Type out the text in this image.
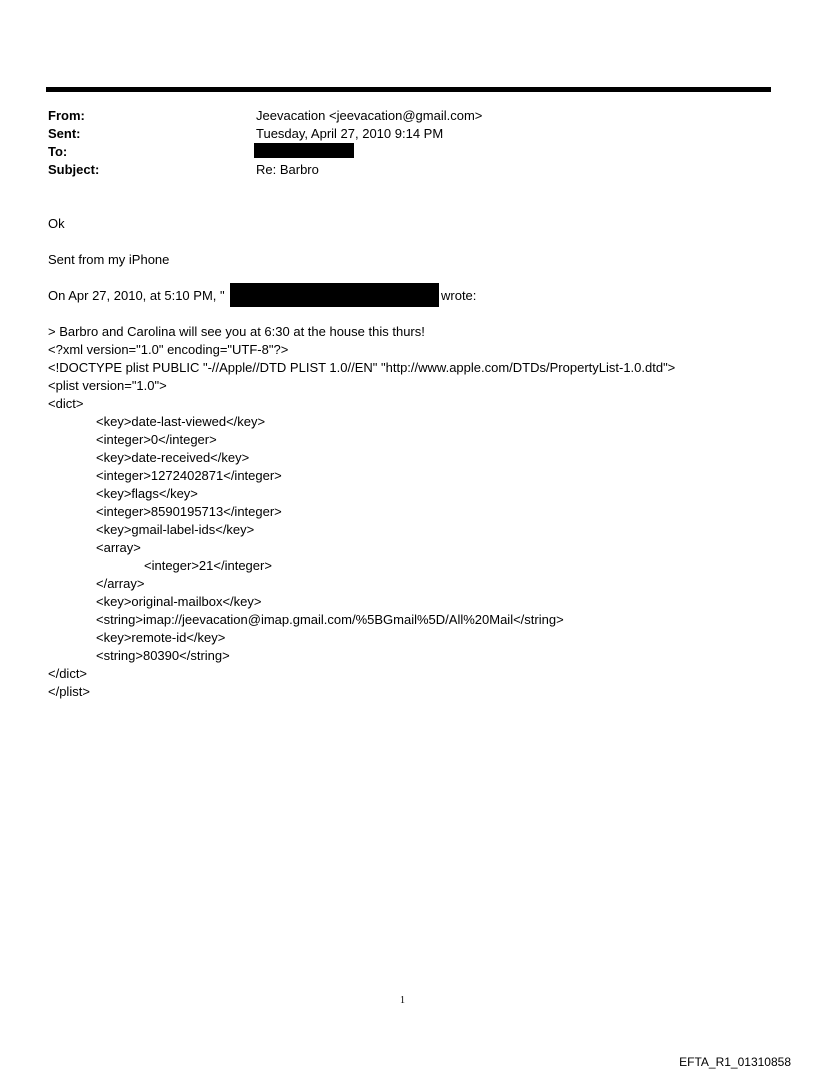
From:	Jeevacation <jeevacation@gmail.com>
Sent:	Tuesday, April 27, 2010 9:14 PM
To:
Subject:	Re: Barbro
Ok
Sent from my iPhone
On Apr 27, 2010, at 5:10 PM, "	wrote:
> Barbro and Carolina will see you at 6:30 at the house this thurs!
<?xml version="1.0" encoding="UTF-8"?>
<!DOCTYPE plist PUBLIC "-//Apple//DTD PLIST 1.0//EN" "http://www.apple.com/DTDs/PropertyList-1.0.dtd">
<plist version="1.0">
<dict>
<key>date-last-viewed</key>
<integer>0</integer>
<key>date-received</key>
<integer>1272402871</integer>
<key>flags</key>
<integer>8590195713</integer>
<key>gmail-label-ids</key>
<array>
<integer>21</integer>
</array>
<key>original-mailbox</key>
<string>imap://jeevacation@imap.gmail.com/%5BGmail%5D/All%20Mail</string>
<key>remote-id</key>
<string>80390</string>
</dict>
</plist>
1
EFTA_R1_01310858
